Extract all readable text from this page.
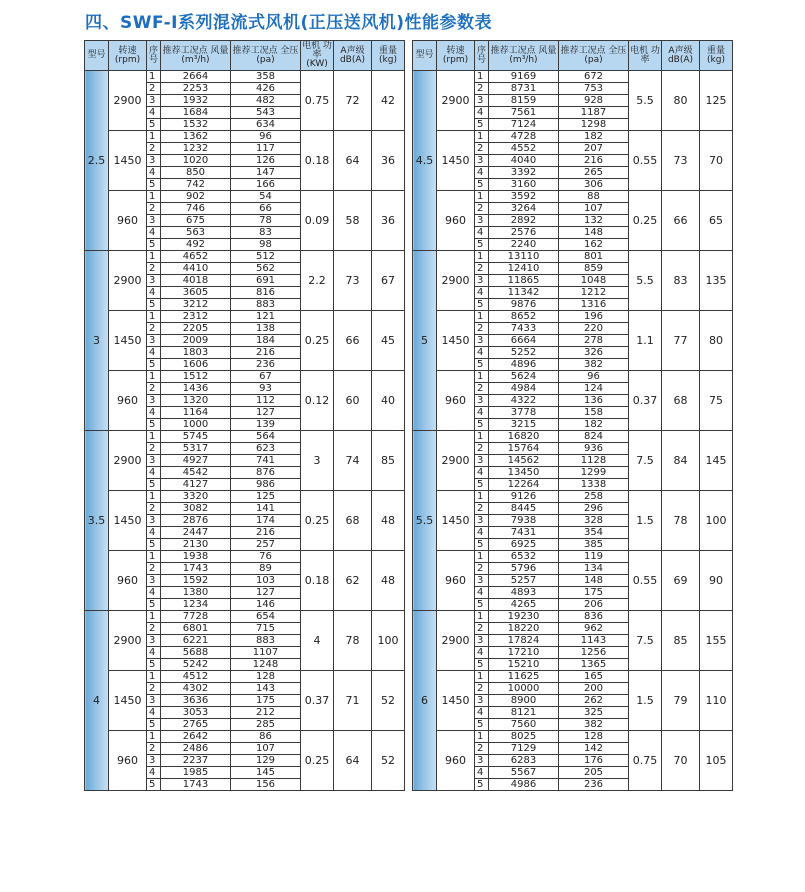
四、SWF-Ⅰ系列混流式风机(正压送风机)性能参数表
型号	转速 (rpm)	序号	推荐工况点 风量(m³/h)	推荐工况点 全压(pa)	电机 功率 (KW)	A声级 dB(A)	重量 (kg)
2.5	2900	1	2664	358	0.75	72	42
		2	2253	426			
		3	1932	482			
		4	1684	543			
		5	1532	634			
	1450	1	1362	96	0.18	64	36
		2	1232	117			
		3	1020	126			
		4	850	147			
		5	742	166			
	960	1	902	54	0.09	58	36
		2	746	66			
		3	675	78			
		4	563	83			
		5	492	98			
3	2900	1	4652	512	2.2	73	67
		2	4410	562			
		3	4018	691			
		4	3605	816			
		5	3212	883			
	1450	1	2312	121	0.25	66	45
		2	2205	138			
		3	2009	184			
		4	1803	216			
		5	1606	236			
	960	1	1512	67	0.12	60	40
		2	1436	93			
		3	1320	112			
		4	1164	127			
		5	1000	139			
3.5	2900	1	5745	564	3	74	85
		2	5317	623			
		3	4927	741			
		4	4542	876			
		5	4127	986			
	1450	1	3320	125	0.25	68	48
		2	3082	141			
		3	2876	174			
		4	2447	216			
		5	2130	257			
	960	1	1938	76	0.18	62	48
		2	1743	89			
		3	1592	103			
		4	1380	127			
		5	1234	146			
4	2900	1	7728	654	4	78	100
		2	6801	715			
		3	6221	883			
		4	5688	1107			
		5	5242	1248			
	1450	1	4512	128	0.37	71	52
		2	4302	143			
		3	3636	175			
		4	3053	212			
		5	2765	285			
	960	1	2642	86	0.25	64	52
		2	2486	107			
		3	2237	129			
		4	1985	145			
		5	1743	156			
型号	转速 (rpm)	序号	推荐工况点 风量(m³/h)	推荐工况点 全压(pa)	电机 功率	A声级 dB(A)	重量 (kg)
4.5	2900	1	9169	672	5.5	80	125
		2	8731	753			
		3	8159	928			
		4	7561	1187			
		5	7124	1298			
	1450	1	4728	182	0.55	73	70
		2	4552	207			
		3	4040	216			
		4	3392	265			
		5	3160	306			
	960	1	3592	88	0.25	66	65
		2	3264	107			
		3	2892	132			
		4	2576	148			
		5	2240	162			
5	2900	1	13110	801	5.5	83	135
		2	12410	859			
		3	11865	1048			
		4	11342	1212			
		5	9876	1316			
	1450	1	8652	196	1.1	77	80
		2	7433	220			
		3	6664	278			
		4	5252	326			
		5	4896	382			
	960	1	5624	96	0.37	68	75
		2	4984	124			
		3	4322	136			
		4	3778	158			
		5	3215	182			
5.5	2900	1	16820	824	7.5	84	145
		2	15764	936			
		3	14562	1128			
		4	13450	1299			
		5	12264	1338			
	1450	1	9126	258	1.5	78	100
		2	8445	296			
		3	7938	328			
		4	7431	354			
		5	6925	385			
	960	1	6532	119	0.55	69	90
		2	5796	134			
		3	5257	148			
		4	4893	175			
		5	4265	206			
6	2900	1	19230	836	7.5	85	155
		2	18220	962			
		3	17824	1143			
		4	17210	1256			
		5	15210	1365			
	1450	1	11625	165	1.5	79	110
		2	10000	200			
		3	8900	262			
		4	8121	325			
		5	7560	382			
	960	1	8025	128	0.75	70	105
		2	7129	142			
		3	6283	176			
		4	5567	205			
		5	4986	236			
